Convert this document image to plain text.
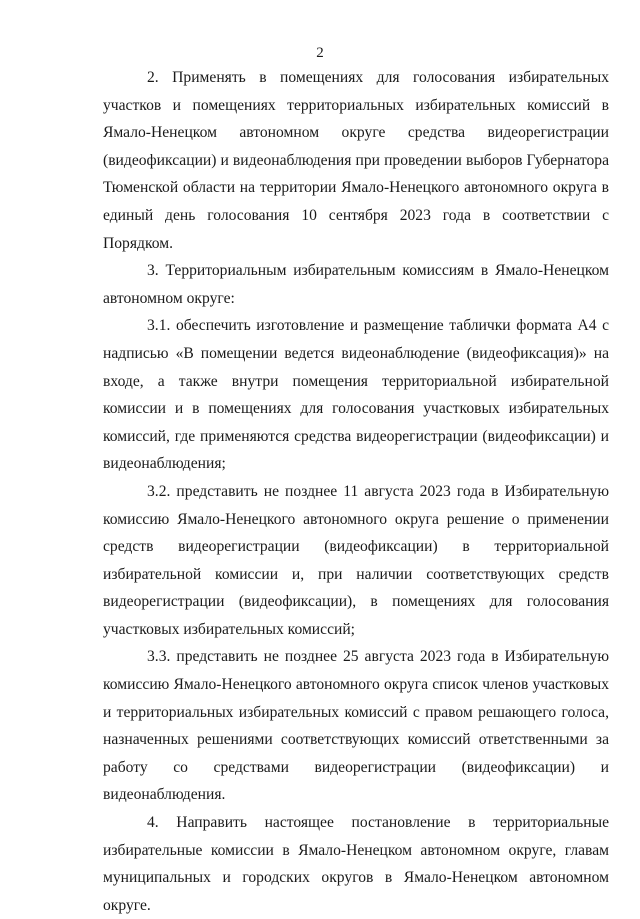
2

2. Применять в помещениях для голосования избирательных участков и помещениях территориальных избирательных комиссий в Ямало-Ненецком автономном округе средства видеорегистрации (видеофиксации) и видеонаблюдения при проведении выборов Губернатора Тюменской области на территории Ямало-Ненецкого автономного округа в единый день голосования 10 сентября 2023 года в соответствии с Порядком.

3. Территориальным избирательным комиссиям в Ямало-Ненецком автономном округе:

3.1. обеспечить изготовление и размещение таблички формата А4 с надписью «В помещении ведется видеонаблюдение (видеофиксация)» на входе, а также внутри помещения территориальной избирательной комиссии и в помещениях для голосования участковых избирательных комиссий, где применяются средства видеорегистрации (видеофиксации) и видеонаблюдения;

3.2. представить не позднее 11 августа 2023 года в Избирательную комиссию Ямало-Ненецкого автономного округа решение о применении средств видеорегистрации (видеофиксации) в территориальной избирательной комиссии и, при наличии соответствующих средств видеорегистрации (видеофиксации), в помещениях для голосования участковых избирательных комиссий;

3.3. представить не позднее 25 августа 2023 года в Избирательную комиссию Ямало-Ненецкого автономного округа список членов участковых и территориальных избирательных комиссий с правом решающего голоса, назначенных решениями соответствующих комиссий ответственными за работу со средствами видеорегистрации (видеофиксации) и видеонаблюдения.

4. Направить настоящее постановление в территориальные избирательные комиссии в Ямало-Ненецком автономном округе, главам муниципальных и городских округов в Ямало-Ненецком автономном округе.
